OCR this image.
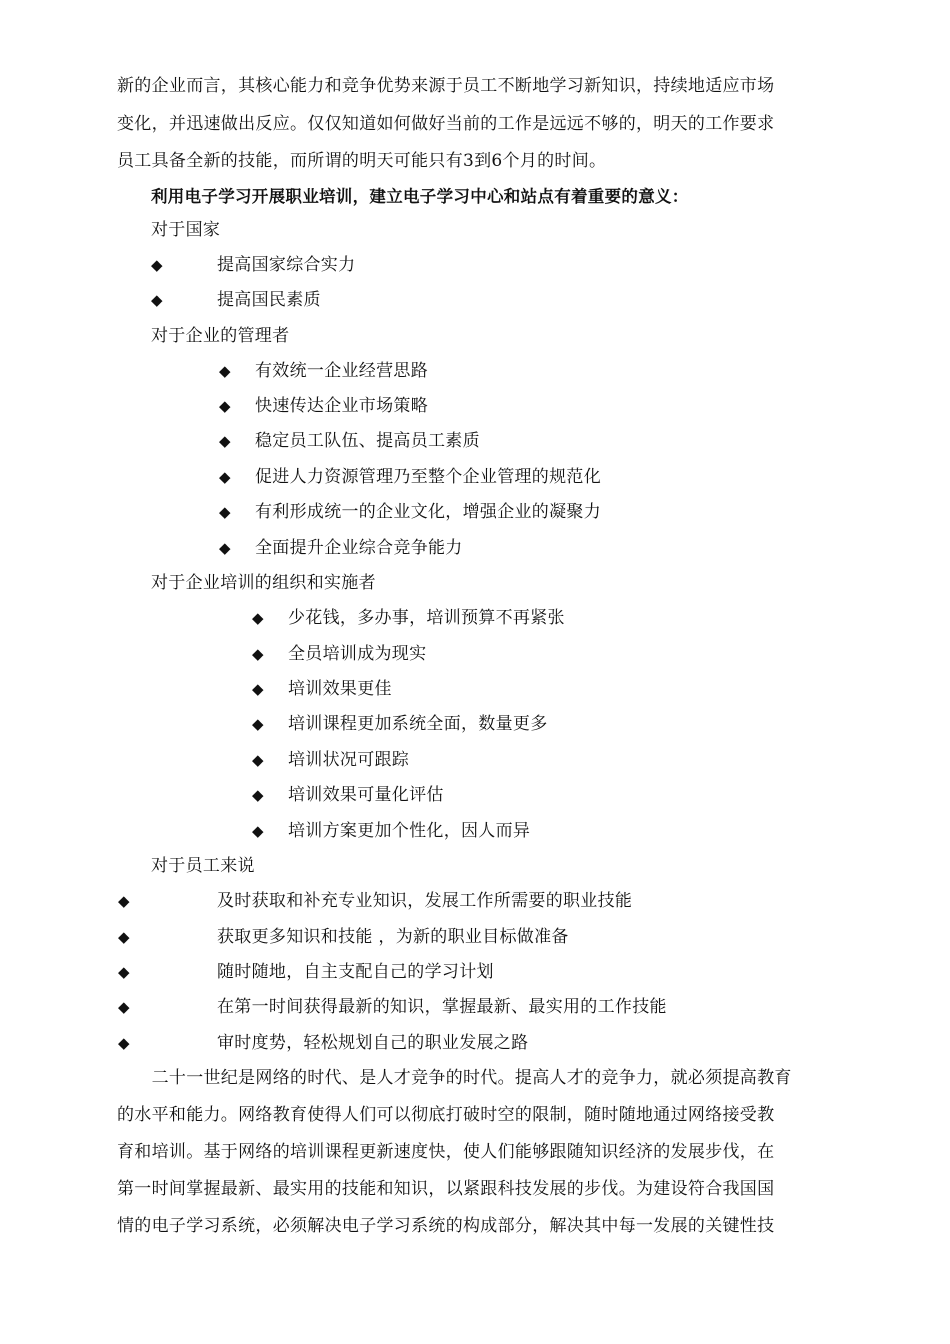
新的企业而言，其核心能力和竞争优势来源于员工不断地学习新知识，持续地适应市场
变化，并迅速做出反应。仅仅知道如何做好当前的工作是远远不够的，明天的工作要求
员工具备全新的技能，而所谓的明天可能只有3到6个月的时间。
利用电子学习开展职业培训，建立电子学习中心和站点有着重要的意义：
对于国家
◆	提高国家综合实力
◆	提高国民素质
对于企业的管理者
◆ 有效统一企业经营思路
◆ 快速传达企业市场策略
◆ 稳定员工队伍、提高员工素质
◆ 促进人力资源管理乃至整个企业管理的规范化
◆ 有利形成统一的企业文化，增强企业的凝聚力
◆ 全面提升企业综合竞争能力
对于企业培训的组织和实施者
◆ 少花钱，多办事，培训预算不再紧张
◆ 全员培训成为现实
◆ 培训效果更佳
◆ 培训课程更加系统全面，数量更多
◆ 培训状况可跟踪
◆ 培训效果可量化评估
◆ 培训方案更加个性化，因人而异
对于员工来说
◆	及时获取和补充专业知识，发展工作所需要的职业技能
◆	获取更多知识和技能 ，为新的职业目标做准备
◆	随时随地，自主支配自己的学习计划
◆	在第一时间获得最新的知识，掌握最新、最实用的工作技能
◆	审时度势，轻松规划自己的职业发展之路
　　二十一世纪是网络的时代、是人才竞争的时代。提高人才的竞争力，就必须提高教育
的水平和能力。网络教育使得人们可以彻底打破时空的限制，随时随地通过网络接受教
育和培训。基于网络的培训课程更新速度快，使人们能够跟随知识经济的发展步伐，在
第一时间掌握最新、最实用的技能和知识，以紧跟科技发展的步伐。为建设符合我国国
情的电子学习系统，必须解决电子学习系统的构成部分，解决其中每一发展的关键性技
